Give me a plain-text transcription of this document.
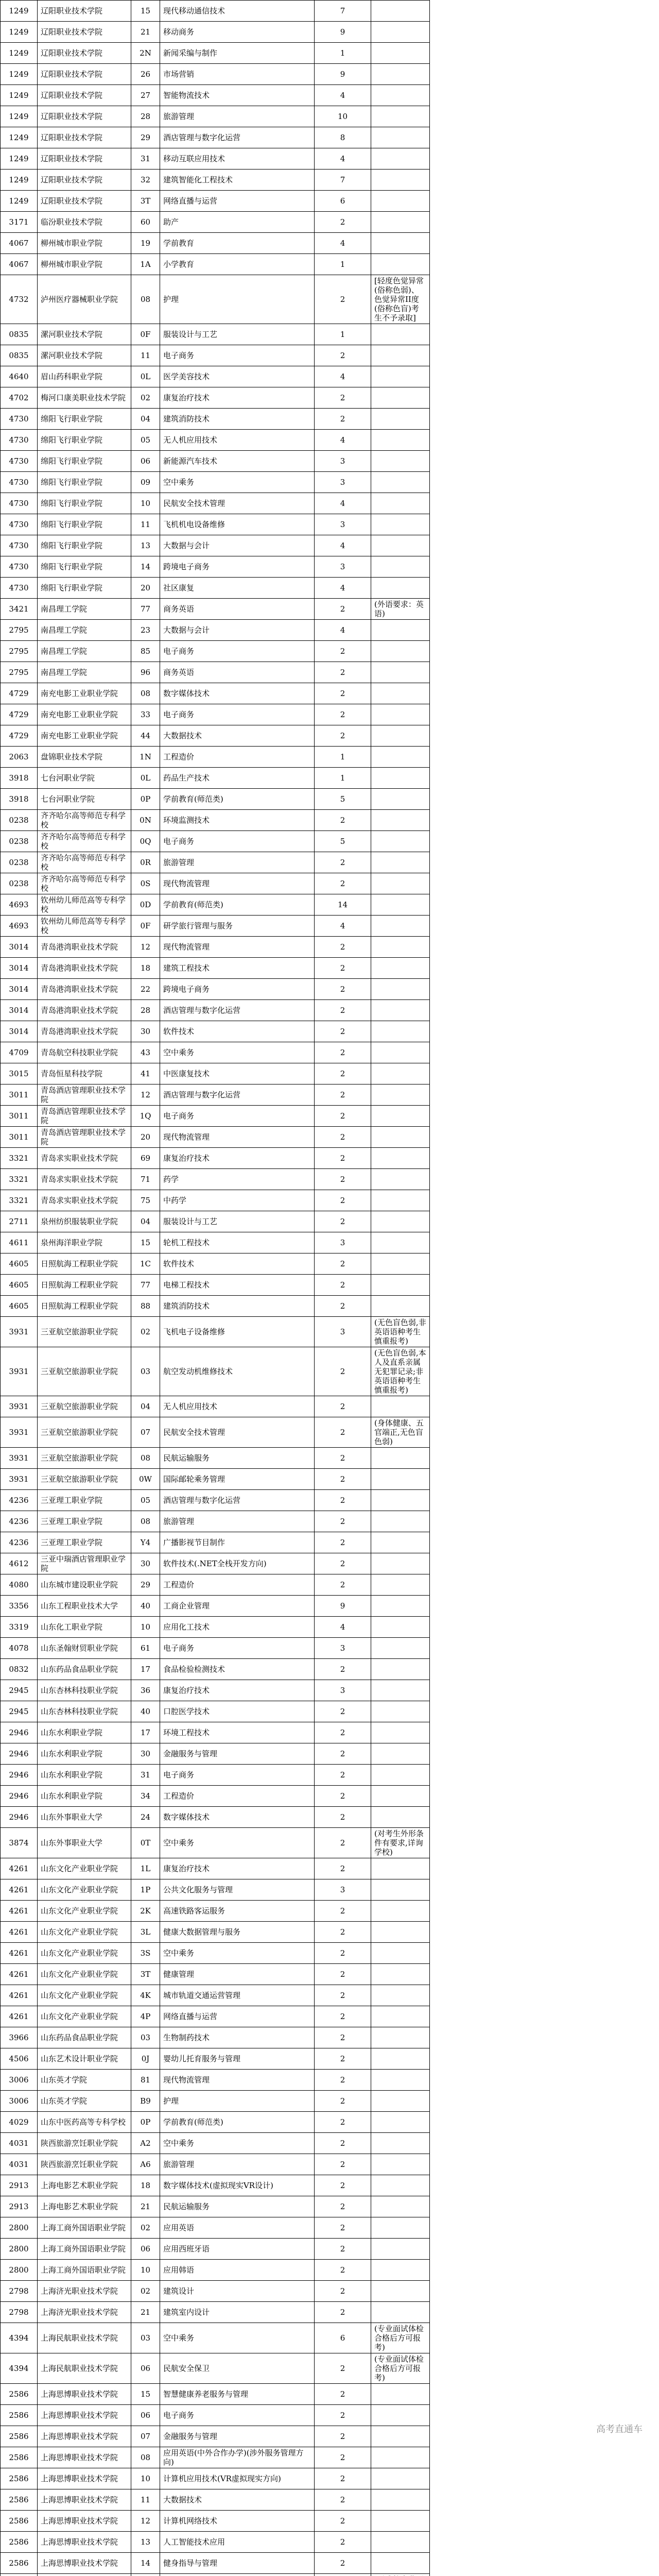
1249	辽阳职业技术学院	15	现代移动通信技术		7	
1249	辽阳职业技术学院	21	移动商务		9	
1249	辽阳职业技术学院	2N	新闻采编与制作		1	
1249	辽阳职业技术学院	26	市场营销		9	
1249	辽阳职业技术学院	27	智能物流技术		4	
1249	辽阳职业技术学院	28	旅游管理		10	
1249	辽阳职业技术学院	29	酒店管理与数字化运营		8	
1249	辽阳职业技术学院	31	移动互联应用技术		4	
1249	辽阳职业技术学院	32	建筑智能化工程技术		7	
1249	辽阳职业技术学院	3T	网络直播与运营		6	
3171	临汾职业技术学院	60	助产		2	
4067	柳州城市职业学院	19	学前教育		4	
4067	柳州城市职业学院	1A	小学教育		1	
4732	泸州医疗器械职业学院	08	护理		2	[轻度色觉异常(俗称色弱)、色觉异常II度(俗称色盲)考生不予录取]
0835	漯河职业技术学院	0F	服装设计与工艺		1	
0835	漯河职业技术学院	11	电子商务		2	
4640	眉山药科职业学院	0L	医学美容技术		4	
4702	梅河口康美职业技术学院	02	康复治疗技术		2	
4730	绵阳飞行职业学院	04	建筑消防技术		2	
4730	绵阳飞行职业学院	05	无人机应用技术		4	
4730	绵阳飞行职业学院	06	新能源汽车技术		3	
4730	绵阳飞行职业学院	09	空中乘务		3	
4730	绵阳飞行职业学院	10	民航安全技术管理		4	
4730	绵阳飞行职业学院	11	飞机机电设备维修		3	
4730	绵阳飞行职业学院	13	大数据与会计		4	
4730	绵阳飞行职业学院	14	跨境电子商务		3	
4730	绵阳飞行职业学院	20	社区康复		4	
3421	南昌理工学院	77	商务英语		2	(外语要求：英语)
2795	南昌理工学院	23	大数据与会计		4	
2795	南昌理工学院	85	电子商务		2	
2795	南昌理工学院	96	商务英语		2	
4729	南充电影工业职业学院	08	数字媒体技术		2	
4729	南充电影工业职业学院	33	电子商务		2	
4729	南充电影工业职业学院	44	大数据技术		2	
2063	盘锦职业技术学院	1N	工程造价		1	
3918	七台河职业学院	0L	药品生产技术		1	
3918	七台河职业学院	0P	学前教育(师范类)		5	
0238	齐齐哈尔高等师范专科学校	0N	环境监测技术		2	
0238	齐齐哈尔高等师范专科学校	0Q	电子商务		5	
0238	齐齐哈尔高等师范专科学校	0R	旅游管理		2	
0238	齐齐哈尔高等师范专科学校	0S	现代物流管理		2	
4693	钦州幼儿师范高等专科学校	0D	学前教育(师范类)		14	
4693	钦州幼儿师范高等专科学校	0F	研学旅行管理与服务		4	
3014	青岛港湾职业技术学院	12	现代物流管理		2	
3014	青岛港湾职业技术学院	18	建筑工程技术		2	
3014	青岛港湾职业技术学院	22	跨境电子商务		2	
3014	青岛港湾职业技术学院	28	酒店管理与数字化运营		2	
3014	青岛港湾职业技术学院	30	软件技术		2	
4709	青岛航空科技职业学院	43	空中乘务		2	
3015	青岛恒星科技学院	41	中医康复技术		2	
3011	青岛酒店管理职业技术学院	12	酒店管理与数字化运营		2	
3011	青岛酒店管理职业技术学院	1Q	电子商务		2	
3011	青岛酒店管理职业技术学院	20	现代物流管理		2	
3321	青岛求实职业技术学院	69	康复治疗技术		2	
3321	青岛求实职业技术学院	71	药学		2	
3321	青岛求实职业技术学院	75	中药学		2	
2711	泉州纺织服装职业学院	04	服装设计与工艺		2	
4611	泉州海洋职业学院	15	轮机工程技术		3	
4605	日照航海工程职业学院	1C	软件技术		2	
4605	日照航海工程职业学院	77	电梯工程技术		2	
4605	日照航海工程职业学院	88	建筑消防技术		2	
3931	三亚航空旅游职业学院	02	飞机电子设备维修		3	(无色盲色弱,非英语语种考生慎重报考)
3931	三亚航空旅游职业学院	03	航空发动机维修技术		2	(无色盲色弱,本人及直系亲属无犯罪记录;非英语语种考生慎重报考)
3931	三亚航空旅游职业学院	04	无人机应用技术		2	
3931	三亚航空旅游职业学院	07	民航安全技术管理		2	(身体健康、五官端正,无色盲色弱)
3931	三亚航空旅游职业学院	08	民航运输服务		2	
3931	三亚航空旅游职业学院	0W	国际邮轮乘务管理		2	
4236	三亚理工职业学院	05	酒店管理与数字化运营		2	
4236	三亚理工职业学院	08	旅游管理		2	
4236	三亚理工职业学院	Y4	广播影视节目制作		2	
4612	三亚中瑞酒店管理职业学院	30	软件技术(.NET全栈开发方向)		2	
4080	山东城市建设职业学院	29	工程造价		2	
3356	山东工程职业技术大学	40	工商企业管理		9	
3319	山东化工职业学院	10	应用化工技术		4	
4078	山东圣翰财贸职业学院	61	电子商务		3	
0832	山东药品食品职业学院	17	食品检验检测技术		2	
2945	山东杏林科技职业学院	36	康复治疗技术		3	
2945	山东杏林科技职业学院	40	口腔医学技术		2	
2946	山东水利职业学院	17	环境工程技术		2	
2946	山东水利职业学院	30	金融服务与管理		2	
2946	山东水利职业学院	31	电子商务		2	
2946	山东水利职业学院	34	工程造价		2	
2946	山东外事职业大学	24	数字媒体技术		2	
3874	山东外事职业大学	0T	空中乘务		2	(对考生外形条件有要求,详询学校)
4261	山东文化产业职业学院	1L	康复治疗技术		2	
4261	山东文化产业职业学院	1P	公共文化服务与管理		3	
4261	山东文化产业职业学院	2K	高速铁路客运服务		2	
4261	山东文化产业职业学院	3L	健康大数据管理与服务		2	
4261	山东文化产业职业学院	3S	空中乘务		2	
4261	山东文化产业职业学院	3T	健康管理		2	
4261	山东文化产业职业学院	4K	城市轨道交通运营管理		2	
4261	山东文化产业职业学院	4P	网络直播与运营		2	
3966	山东药品食品职业学院	03	生物制药技术		2	
4506	山东艺术设计职业学院	0J	婴幼儿托育服务与管理		2	
3006	山东英才学院	81	现代物流管理		2	
3006	山东英才学院	B9	护理		2	
4029	山东中医药高等专科学校	0P	学前教育(师范类)		2	
4031	陕西旅游烹饪职业学院	A2	空中乘务		2	
4031	陕西旅游烹饪职业学院	A6	旅游管理		2	
2913	上海电影艺术职业学院	18	数字媒体技术(虚拟现实VR设计)		2	
2913	上海电影艺术职业学院	21	民航运输服务		2	
2800	上海工商外国语职业学院	02	应用英语		2	
2800	上海工商外国语职业学院	06	应用西班牙语		2	
2800	上海工商外国语职业学院	10	应用韩语		2	
2798	上海济光职业技术学院	02	建筑设计		2	
2798	上海济光职业技术学院	21	建筑室内设计		2	
4394	上海民航职业技术学院	03	空中乘务		6	(专业面试体检合格后方可报考)
4394	上海民航职业技术学院	06	民航安全保卫		2	(专业面试体检合格后方可报考)
2586	上海思博职业技术学院	15	智慧健康养老服务与管理		2	
2586	上海思博职业技术学院	06	电子商务		2	
2586	上海思博职业技术学院	07	金融服务与管理		2	
2586	上海思博职业技术学院	08	应用英语(中外合作办学)(涉外服务管理方向)		2	
2586	上海思博职业技术学院	10	计算机应用技术(VR虚拟现实方向)		2	
2586	上海思博职业技术学院	11	大数据技术		2	
2586	上海思博职业技术学院	12	计算机网络技术		2	
2586	上海思博职业技术学院	13	人工智能技术应用		2	
2586	上海思博职业技术学院	14	健身指导与管理		2	

							高考直通车
